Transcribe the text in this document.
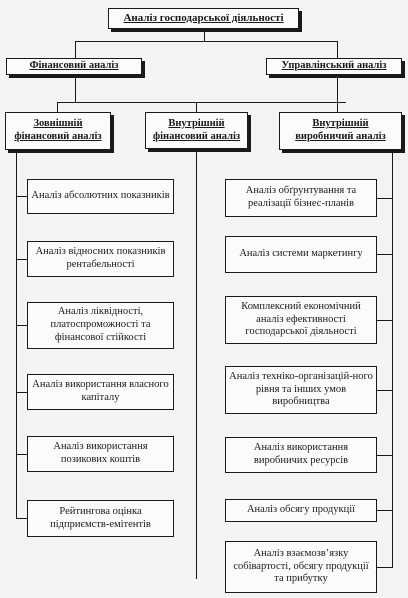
Аналіз господарської діяльності
Фінансовий аналіз	Управлінський аналіз
Зовнішній фінансовий аналіз
Внутрішній фінансовий аналіз
Внутрішній виробничий аналіз
Аналіз абсолютних показників
Аналіз відносних показників рентабельності
Аналіз ліквідності, платоспроможності та фінансової стійкості
Аналіз використання власного капіталу
Аналіз використання позикових коштів
Рейтингова оцінка підприємств-емітентів
Аналіз обґрунтування та реалізації бізнес-планів
Аналіз системи маркетингу
Комплексний економічний аналіз ефективності господарської діяльності
Аналіз техніко-організацій-ного рівня та інших умов виробництва
Аналіз використання виробничих ресурсів
Аналіз обсягу продукції
Аналіз взаємозв’язку собівартості, обсягу продукції та прибутку
